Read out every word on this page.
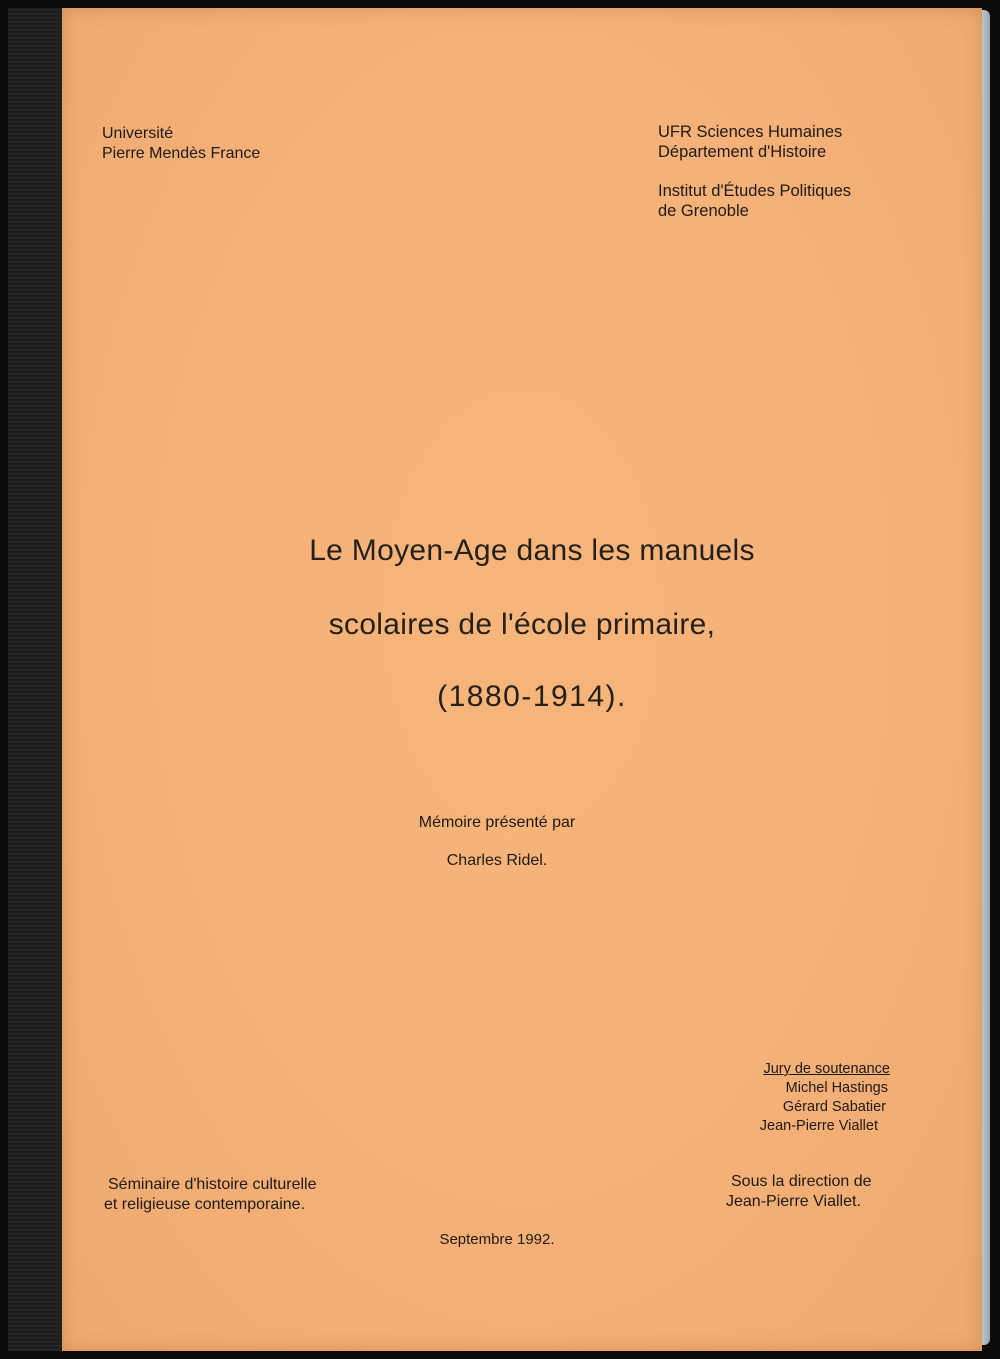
Université
Pierre Mendès France
UFR Sciences Humaines
Département d'Histoire
Institut d'Études Politiques
de Grenoble
Le Moyen-Age dans les manuels
scolaires de l'école primaire,
(1880-1914).
Mémoire présenté par
Charles Ridel.
Jury de soutenance
Michel Hastings
Gérard Sabatier
Jean-Pierre Viallet
Séminaire d'histoire culturelle
et religieuse contemporaine.
Sous la direction de
Jean-Pierre Viallet.
Septembre 1992.
